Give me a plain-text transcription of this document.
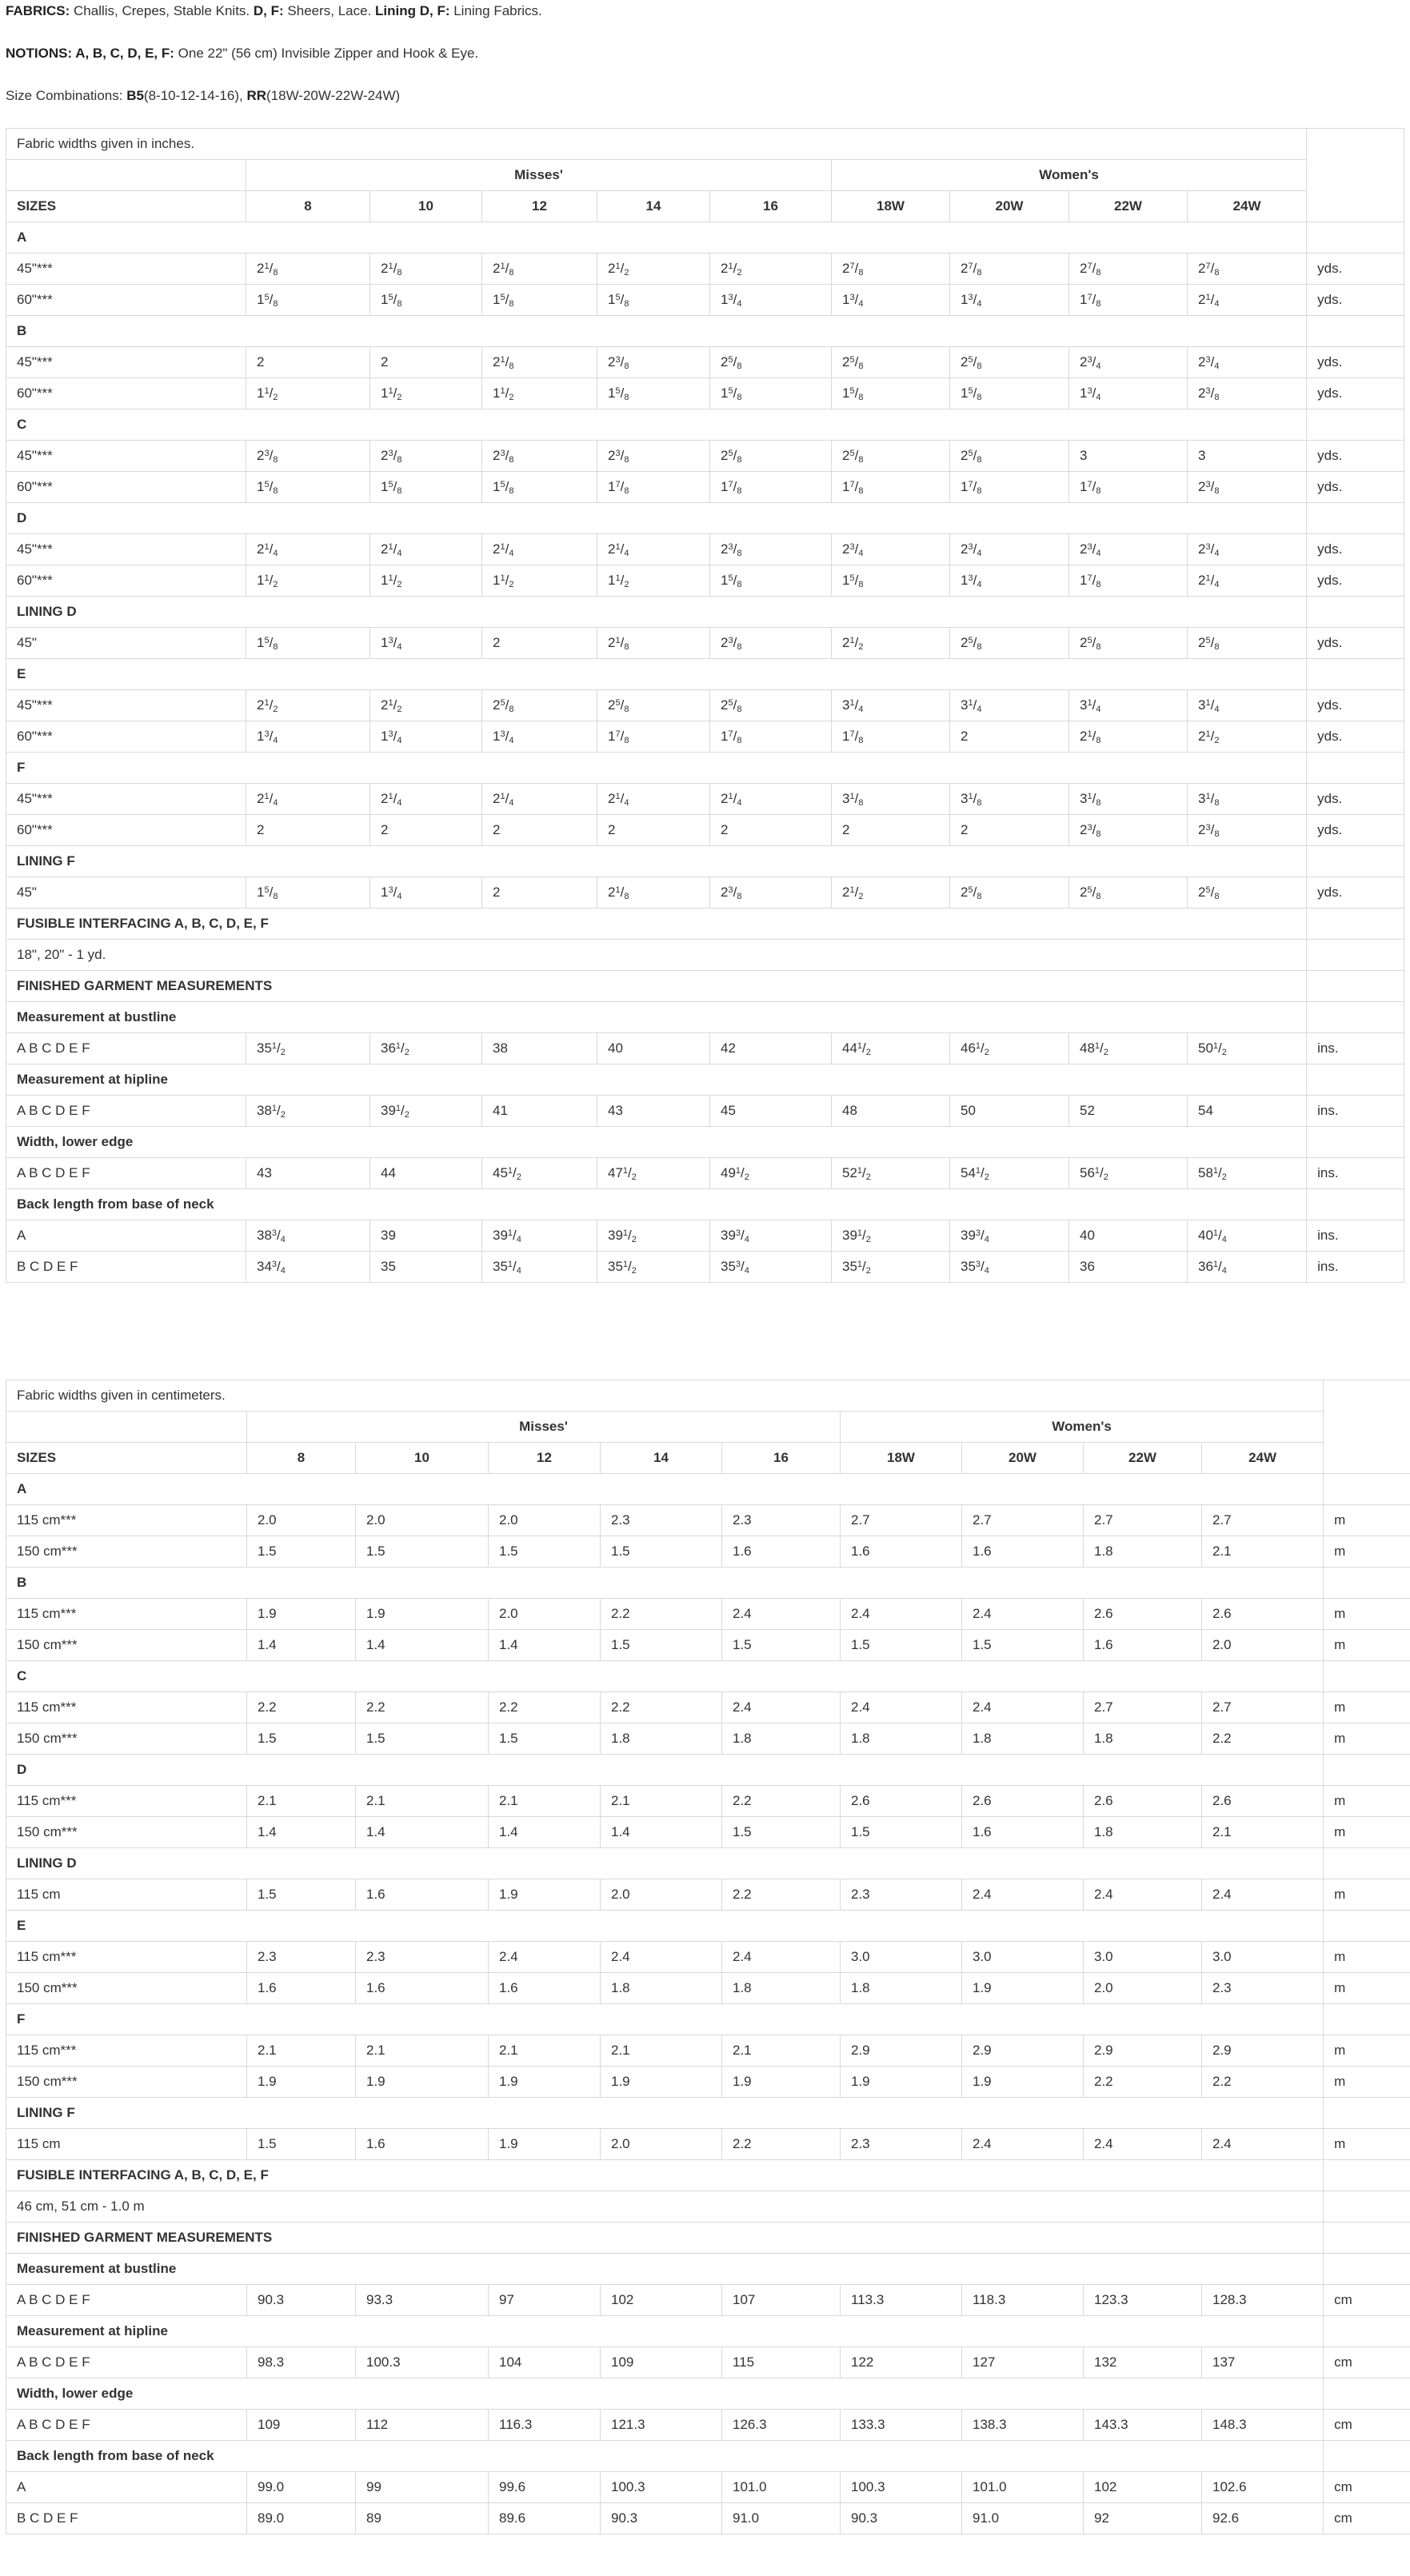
FABRICS: Challis, Crepes, Stable Knits. D, F: Sheers, Lace. Lining D, F: Lining Fabrics.
NOTIONS: A, B, C, D, E, F: One 22" (56 cm) Invisible Zipper and Hook & Eye.
Size Combinations: B5(8-10-12-14-16), RR(18W-20W-22W-24W)
Fabric widths given in inches.										
	Misses'					Women's				
SIZES	8	10	12	14	16	18W	20W	22W	24W	
A										
45"***	$2^1/_8$	$2^1/_8$	$2^1/_8$	$2^1/_2$	$2^1/_2$	$2^7/_8$	$2^7/_8$	$2^7/_8$	$2^7/_8$	yds.
60"***	$1^5/_8$	$1^5/_8$	$1^5/_8$	$1^5/_8$	$1^3/_4$	$1^3/_4$	$1^3/_4$	$1^7/_8$	$2^1/_4$	yds.
B										
45"***	2	2	$2^1/_8$	$2^3/_8$	$2^5/_8$	$2^5/_8$	$2^5/_8$	$2^3/_4$	$2^3/_4$	yds.
60"***	$1^1/_2$	$1^1/_2$	$1^1/_2$	$1^5/_8$	$1^5/_8$	$1^5/_8$	$1^5/_8$	$1^3/_4$	$2^3/_8$	yds.
C										
45"***	$2^3/_8$	$2^3/_8$	$2^3/_8$	$2^3/_8$	$2^5/_8$	$2^5/_8$	$2^5/_8$	3	3	yds.
60"***	$1^5/_8$	$1^5/_8$	$1^5/_8$	$1^7/_8$	$1^7/_8$	$1^7/_8$	$1^7/_8$	$1^7/_8$	$2^3/_8$	yds.
D										
45"***	$2^1/_4$	$2^1/_4$	$2^1/_4$	$2^1/_4$	$2^3/_8$	$2^3/_4$	$2^3/_4$	$2^3/_4$	$2^3/_4$	yds.
60"***	$1^1/_2$	$1^1/_2$	$1^1/_2$	$1^1/_2$	$1^5/_8$	$1^5/_8$	$1^3/_4$	$1^7/_8$	$2^1/_4$	yds.
LINING D										
45"	$1^5/_8$	$1^3/_4$	2	$2^1/_8$	$2^3/_8$	$2^1/_2$	$2^5/_8$	$2^5/_8$	$2^5/_8$	yds.
E										
45"***	$2^1/_2$	$2^1/_2$	$2^5/_8$	$2^5/_8$	$2^5/_8$	$3^1/_4$	$3^1/_4$	$3^1/_4$	$3^1/_4$	yds.
60"***	$1^3/_4$	$1^3/_4$	$1^3/_4$	$1^7/_8$	$1^7/_8$	$1^7/_8$	2	$2^1/_8$	$2^1/_2$	yds.
F										
45"***	$2^1/_4$	$2^1/_4$	$2^1/_4$	$2^1/_4$	$2^1/_4$	$3^1/_8$	$3^1/_8$	$3^1/_8$	$3^1/_8$	yds.
60"***	2	2	2	2	2	2	2	$2^3/_8$	$2^3/_8$	yds.
LINING F										
45"	$1^5/_8$	$1^3/_4$	2	$2^1/_8$	$2^3/_8$	$2^1/_2$	$2^5/_8$	$2^5/_8$	$2^5/_8$	yds.
FUSIBLE INTERFACING A, B, C, D, E, F										
18", 20" - 1 yd.										
FINISHED GARMENT MEASUREMENTS										
Measurement at bustline										
A B C D E F	$35^1/_2$	$36^1/_2$	38	40	42	$44^1/_2$	$46^1/_2$	$48^1/_2$	$50^1/_2$	ins.
Measurement at hipline										
A B C D E F	$38^1/_2$	$39^1/_2$	41	43	45	48	50	52	54	ins.
Width, lower edge										
A B C D E F	43	44	$45^1/_2$	$47^1/_2$	$49^1/_2$	$52^1/_2$	$54^1/_2$	$56^1/_2$	$58^1/_2$	ins.
Back length from base of neck										
A	$38^3/_4$	39	$39^1/_4$	$39^1/_2$	$39^3/_4$	$39^1/_2$	$39^3/_4$	40	$40^1/_4$	ins.
B C D E F	$34^3/_4$	35	$35^1/_4$	$35^1/_2$	$35^3/_4$	$35^1/_2$	$35^3/_4$	36	$36^1/_4$	ins.
Fabric widths given in centimeters.										
	Misses'					Women's				
SIZES	8	10	12	14	16	18W	20W	22W	24W	
A										
115 cm***	2.0	2.0	2.0	2.3	2.3	2.7	2.7	2.7	2.7	m
150 cm***	1.5	1.5	1.5	1.5	1.6	1.6	1.6	1.8	2.1	m
B										
115 cm***	1.9	1.9	2.0	2.2	2.4	2.4	2.4	2.6	2.6	m
150 cm***	1.4	1.4	1.4	1.5	1.5	1.5	1.5	1.6	2.0	m
C										
115 cm***	2.2	2.2	2.2	2.2	2.4	2.4	2.4	2.7	2.7	m
150 cm***	1.5	1.5	1.5	1.8	1.8	1.8	1.8	1.8	2.2	m
D										
115 cm***	2.1	2.1	2.1	2.1	2.2	2.6	2.6	2.6	2.6	m
150 cm***	1.4	1.4	1.4	1.4	1.5	1.5	1.6	1.8	2.1	m
LINING D										
115 cm	1.5	1.6	1.9	2.0	2.2	2.3	2.4	2.4	2.4	m
E										
115 cm***	2.3	2.3	2.4	2.4	2.4	3.0	3.0	3.0	3.0	m
150 cm***	1.6	1.6	1.6	1.8	1.8	1.8	1.9	2.0	2.3	m
F										
115 cm***	2.1	2.1	2.1	2.1	2.1	2.9	2.9	2.9	2.9	m
150 cm***	1.9	1.9	1.9	1.9	1.9	1.9	1.9	2.2	2.2	m
LINING F										
115 cm	1.5	1.6	1.9	2.0	2.2	2.3	2.4	2.4	2.4	m
FUSIBLE INTERFACING A, B, C, D, E, F										
46 cm, 51 cm - 1.0 m										
FINISHED GARMENT MEASUREMENTS										
Measurement at bustline										
A B C D E F	90.3	93.3	97	102	107	113.3	118.3	123.3	128.3	cm
Measurement at hipline										
A B C D E F	98.3	100.3	104	109	115	122	127	132	137	cm
Width, lower edge										
A B C D E F	109	112	116.3	121.3	126.3	133.3	138.3	143.3	148.3	cm
Back length from base of neck										
A	99.0	99	99.6	100.3	101.0	100.3	101.0	102	102.6	cm
B C D E F	89.0	89	89.6	90.3	91.0	90.3	91.0	92	92.6	cm
